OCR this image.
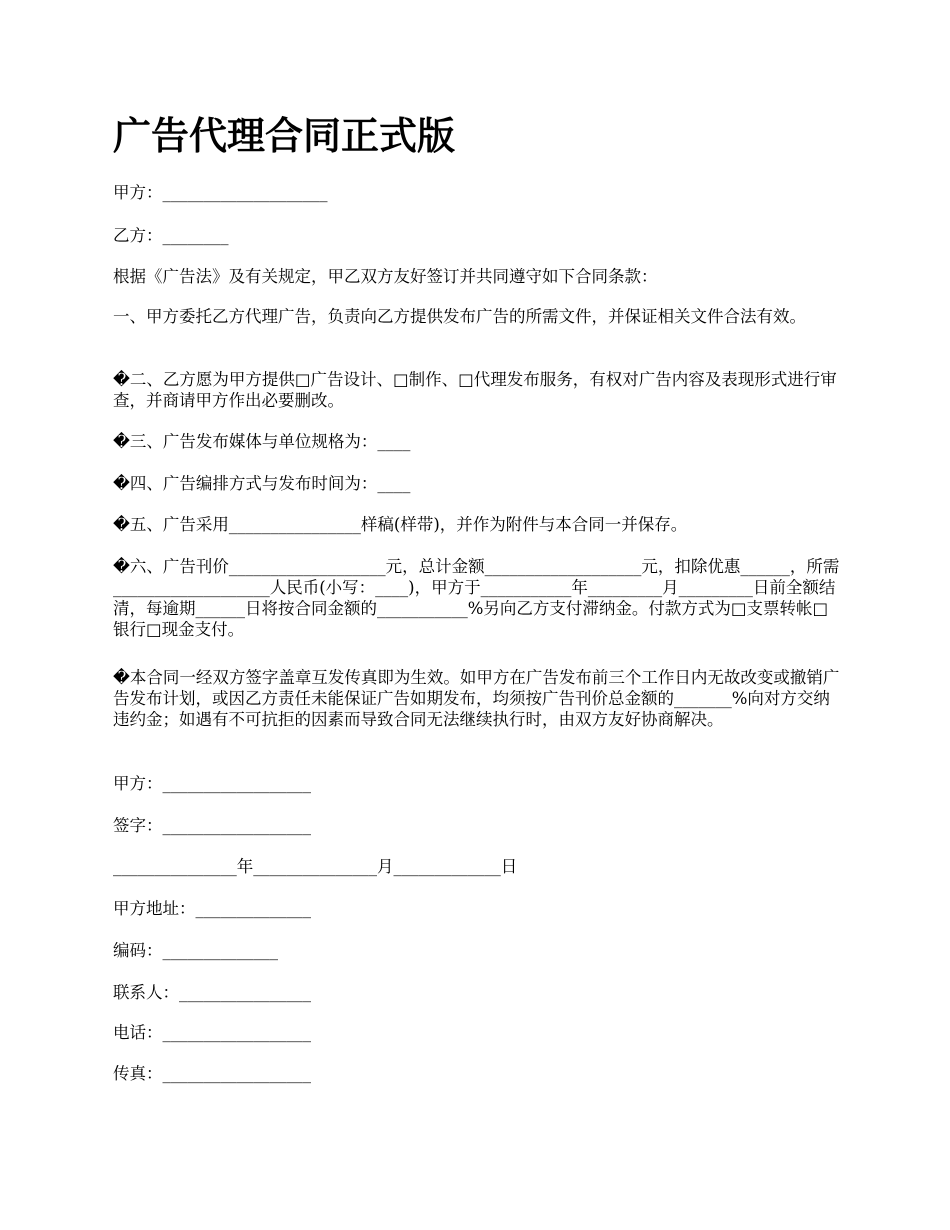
广告代理合同正式版

甲方：____________________

乙方：________

根据《广告法》及有关规定，甲乙双方友好签订并共同遵守如下合同条款：

一、甲方委托乙方代理广告，负责向乙方提供发布广告的所需文件，并保证相关文件合法有效。

�二、乙方愿为甲方提供□广告设计、□制作、□代理发布服务，有权对广告内容及表现形式进行审查，并商请甲方作出必要删改。

�三、广告发布媒体与单位规格为：____

�四、广告编排方式与发布时间为：____

�五、广告采用________________样稿(样带)，并作为附件与本合同一并保存。

�六、广告刊价___________________元，总计金额___________________元，扣除优惠______，所需___________________人民币(小写：____)，甲方于___________年_________月_________日前全额结清，每逾期______日将按合同金额的___________%另向乙方支付滞纳金。付款方式为□支票转帐□银行□现金支付。

�本合同一经双方签字盖章互发传真即为生效。如甲方在广告发布前三个工作日内无故改变或撤销广告发布计划，或因乙方责任未能保证广告如期发布，均须按广告刊价总金额的_______%向对方交纳违约金；如遇有不可抗拒的因素而导致合同无法继续执行时，由双方友好协商解决。

甲方：__________________

签字：__________________

_______________年_______________月_____________日

甲方地址：______________

编码：______________

联系人：________________

电话：__________________

传真：__________________
